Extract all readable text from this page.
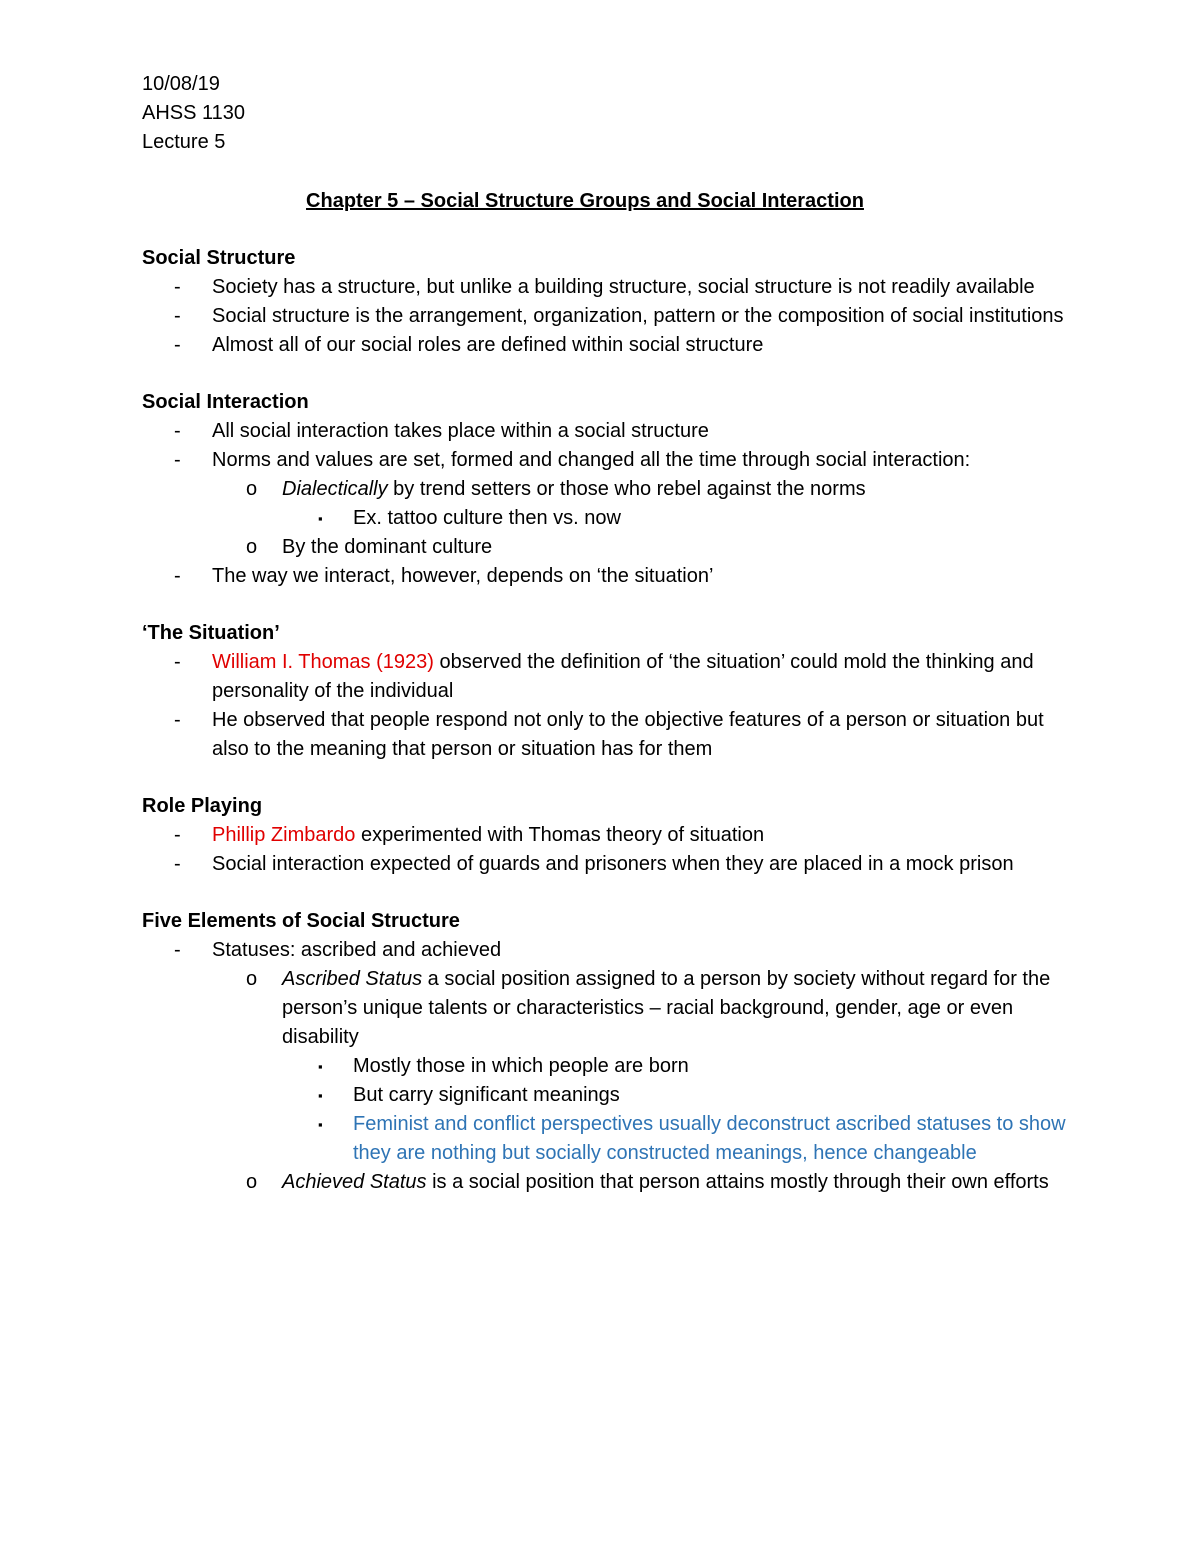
10/08/19
AHSS 1130
Lecture 5
Chapter 5 – Social Structure Groups and Social Interaction
Social Structure
- Society has a structure, but unlike a building structure, social structure is not readily available
- Social structure is the arrangement, organization, pattern or the composition of social institutions
- Almost all of our social roles are defined within social structure
Social Interaction
- All social interaction takes place within a social structure
- Norms and values are set, formed and changed all the time through social interaction:
o Dialectically by trend setters or those who rebel against the norms
▪ Ex. tattoo culture then vs. now
o By the dominant culture
- The way we interact, however, depends on ‘the situation’
‘The Situation’
- William I. Thomas (1923) observed the definition of ‘the situation’ could mold the thinking and personality of the individual
- He observed that people respond not only to the objective features of a person or situation but also to the meaning that person or situation has for them
Role Playing
- Phillip Zimbardo experimented with Thomas theory of situation
- Social interaction expected of guards and prisoners when they are placed in a mock prison
Five Elements of Social Structure
- Statuses: ascribed and achieved
o Ascribed Status a social position assigned to a person by society without regard for the person’s unique talents or characteristics – racial background, gender, age or even disability
▪ Mostly those in which people are born
▪ But carry significant meanings
▪ Feminist and conflict perspectives usually deconstruct ascribed statuses to show they are nothing but socially constructed meanings, hence changeable
o Achieved Status is a social position that person attains mostly through their own efforts
